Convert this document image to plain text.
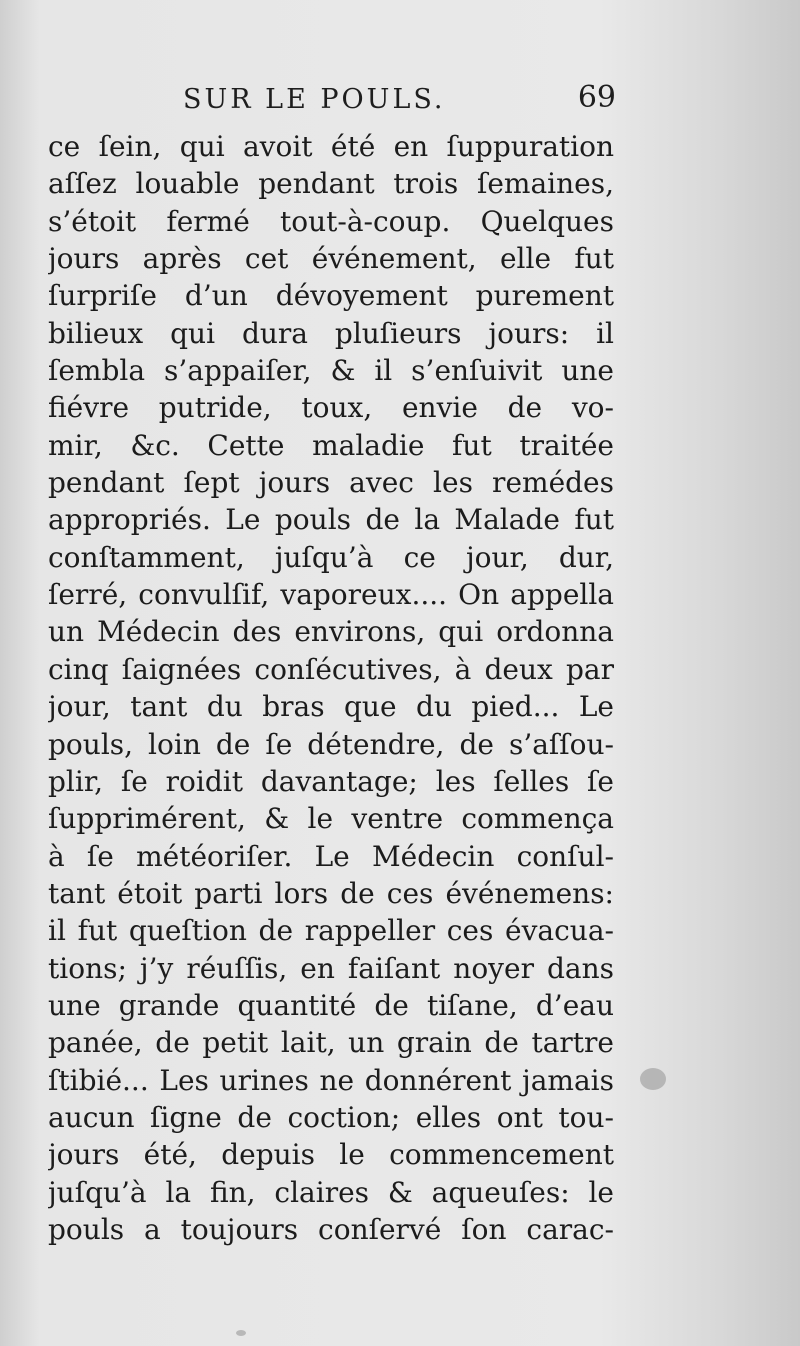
SUR LE POULS.	69
ce ſein, qui avoit été en ſuppuration
aſſez louable pendant trois ſemaines,
s’étoit fermé tout-à-coup. Quelques
jours après cet événement, elle fut
ſurpriſe d’un dévoyement purement
bilieux qui dura pluſieurs jours: il
ſembla s’appaiſer, & il s’enſuivit une
fiévre putride, toux, envie de vo-
mir, &c. Cette maladie fut traitée
pendant ſept jours avec les remédes
appropriés. Le pouls de la Malade fut
conſtamment, juſqu’à ce jour, dur,
ſerré, convulſif, vaporeux.... On appella
un Médecin des environs, qui ordonna
cinq ſaignées conſécutives, à deux par
jour, tant du bras que du pied... Le
pouls, loin de ſe détendre, de s’aſſou-
plir, ſe roidit davantage; les ſelles ſe
ſupprimérent, & le ventre commença
à ſe météoriſer. Le Médecin conſul-
tant étoit parti lors de ces événemens:
il fut queſtion de rappeller ces évacua-
tions; j’y réuſſis, en faiſant noyer dans
une grande quantité de tiſane, d’eau
panée, de petit lait, un grain de tartre
ſtibié... Les urines ne donnérent jamais
aucun ſigne de coction; elles ont tou-
jours été, depuis le commencement
juſqu’à la fin, claires & aqueuſes: le
pouls a toujours conſervé ſon carac-
